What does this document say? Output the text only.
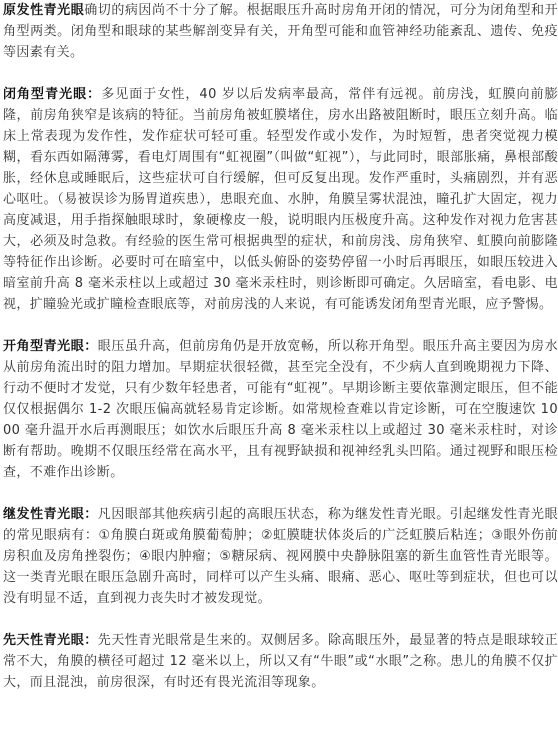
原发性青光眼确切的病因尚不十分了解。根据眼压升高时房角开闭的情况，可分为闭角型和开角型两类。闭角型和眼球的某些解剖变异有关，开角型可能和血管神经功能紊乱、遗传、免疫等因素有关。

闭角型青光眼：多见面于女性，40 岁以后发病率最高，常伴有远视。前房浅，虹膜向前膨隆，前房角狭窄是该病的特征。当前房角被虹膜堵住，房水出路被阻断时，眼压立刻升高。临床上常表现为发作性，发作症状可轻可重。轻型发作或小发作，为时短暂，患者突觉视力模糊，看东西如隔薄雾，看电灯周围有“虹视圈”（叫做“虹视”），与此同时，眼部胀痛，鼻根部酸胀，经休息或睡眠后，这些症状可自行缓解，但可反复出现。发作严重时，头痛剧烈，并有恶心呕吐。（易被误诊为肠胃道疾患），患眼充血、水肿，角膜呈雾状混浊，瞳孔扩大固定，视力高度减退，用手指探触眼球时，象硬橡皮一般，说明眼内压极度升高。这种发作对视力危害甚大，必须及时急救。有经验的医生常可根据典型的症状，和前房浅、房角狭窄、虹膜向前膨隆等特征作出诊断。必要时可在暗室中，以低头俯卧的姿势停留一小时后再眼压，如眼压较进入暗室前升高 8 毫米汞柱以上或超过 30 毫米汞柱时，则诊断即可确定。久居暗室，看电影、电视，扩瞳验光或扩瞳检查眼底等，对前房浅的人来说，有可能诱发闭角型青光眼，应予警惕。

开角型青光眼：眼压虽升高，但前房角仍是开放宽畅，所以称开角型。眼压升高主要因为房水从前房角流出时的阻力增加。早期症状很轻微，甚至完全没有，不少病人直到晚期视力下降、行动不便时才发觉，只有少数年轻患者，可能有“虹视”。早期诊断主要依靠测定眼压，但不能仅仅根据偶尔 1-2 次眼压偏高就轻易肯定诊断。如常规检查难以肯定诊断，可在空腹速饮 1000 毫升温开水后再测眼压；如饮水后眼压升高 8 毫米汞柱以上或超过 30 毫米汞柱时，对诊断有帮助。晚期不仅眼压经常在高水平，且有视野缺损和视神经乳头凹陷。通过视野和眼压检查，不难作出诊断。

继发性青光眼：凡因眼部其他疾病引起的高眼压状态，称为继发性青光眼。引起继发性青光眼的常见眼病有：①角膜白斑或角膜葡萄肿；②虹膜睫状体炎后的广泛虹膜后粘连；③眼外伤前房积血及房角挫裂伤；④眼内肿瘤；⑤糖尿病、视网膜中央静脉阻塞的新生血管性青光眼等。这一类青光眼在眼压急剧升高时，同样可以产生头痛、眼痛、恶心、呕吐等到症状，但也可以没有明显不适，直到视力丧失时才被发现觉。

先天性青光眼：先天性青光眼常是生来的。双侧居多。除高眼压外，最显著的特点是眼球较正常不大，角膜的横径可超过 12 毫米以上，所以又有“牛眼”或“水眼”之称。患儿的角膜不仅扩大，而且混浊，前房很深，有时还有畏光流泪等现象。
